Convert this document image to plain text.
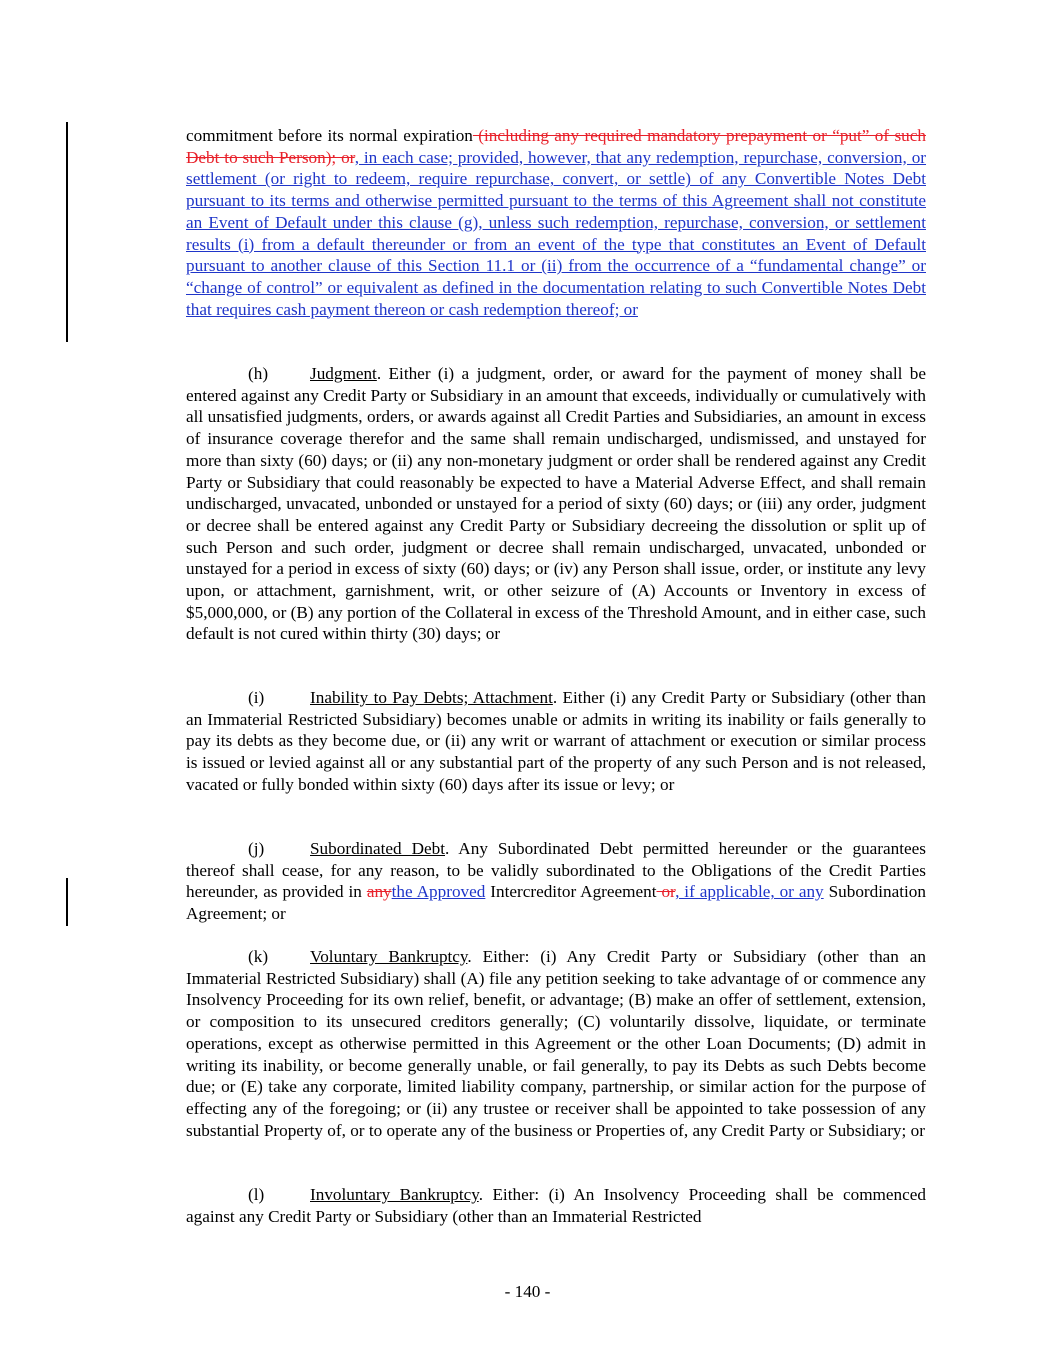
commitment before its normal expiration (including any required mandatory prepayment or “put” of such Debt to such Person); or, in each case; provided, however, that any redemption, repurchase, conversion, or settlement (or right to redeem, require repurchase, convert, or settle) of any Convertible Notes Debt pursuant to its terms and otherwise permitted pursuant to the terms of this Agreement shall not constitute an Event of Default under this clause (g), unless such redemption, repurchase, conversion, or settlement results (i) from a default thereunder or from an event of the type that constitutes an Event of Default pursuant to another clause of this Section 11.1 or (ii) from the occurrence of a “fundamental change” or “change of control” or equivalent as defined in the documentation relating to such Convertible Notes Debt that requires cash payment thereon or cash redemption thereof; or

(h) Judgment. Either (i) a judgment, order, or award for the payment of money shall be entered against any Credit Party or Subsidiary in an amount that exceeds, individually or cumulatively with all unsatisfied judgments, orders, or awards against all Credit Parties and Subsidiaries, an amount in excess of insurance coverage therefor and the same shall remain undischarged, undismissed, and unstayed for more than sixty (60) days; or (ii) any non-monetary judgment or order shall be rendered against any Credit Party or Subsidiary that could reasonably be expected to have a Material Adverse Effect, and shall remain undischarged, unvacated, unbonded or unstayed for a period of sixty (60) days; or (iii) any order, judgment or decree shall be entered against any Credit Party or Subsidiary decreeing the dissolution or split up of such Person and such order, judgment or decree shall remain undischarged, unvacated, unbonded or unstayed for a period in excess of sixty (60) days; or (iv) any Person shall issue, order, or institute any levy upon, or attachment, garnishment, writ, or other seizure of (A) Accounts or Inventory in excess of $5,000,000, or (B) any portion of the Collateral in excess of the Threshold Amount, and in either case, such default is not cured within thirty (30) days; or

(i)	Inability to Pay Debts; Attachment. Either (i) any Credit Party or Subsidiary (other than an Immaterial Restricted Subsidiary) becomes unable or admits in writing its inability or fails generally to pay its debts as they become due, or (ii) any writ or warrant of attachment or execution or similar process is issued or levied against all or any substantial part of the property of any such Person and is not released, vacated or fully bonded within sixty (60) days after its issue or levy; or

(j)	Subordinated Debt. Any Subordinated Debt permitted hereunder or the guarantees thereof shall cease, for any reason, to be validly subordinated to the Obligations of the Credit Parties hereunder, as provided in anythe Approved Intercreditor Agreement or, if applicable, or any Subordination Agreement; or

(k) Voluntary Bankruptcy. Either: (i) Any Credit Party or Subsidiary (other than an Immaterial Restricted Subsidiary) shall (A) file any petition seeking to take advantage of or commence any Insolvency Proceeding for its own relief, benefit, or advantage; (B) make an offer of settlement, extension, or composition to its unsecured creditors generally; (C) voluntarily dissolve, liquidate, or terminate operations, except as otherwise permitted in this Agreement or the other Loan Documents; (D) admit in writing its inability, or become generally unable, or fail generally, to pay its Debts as such Debts become due; or (E) take any corporate, limited liability company, partnership, or similar action for the purpose of effecting any of the foregoing; or (ii) any trustee or receiver shall be appointed to take possession of any substantial Property of, or to operate any of the business or Properties of, any Credit Party or Subsidiary; or

(l)	Involuntary Bankruptcy. Either: (i) An Insolvency Proceeding shall be commenced against any Credit Party or Subsidiary (other than an Immaterial Restricted

- 140 -
